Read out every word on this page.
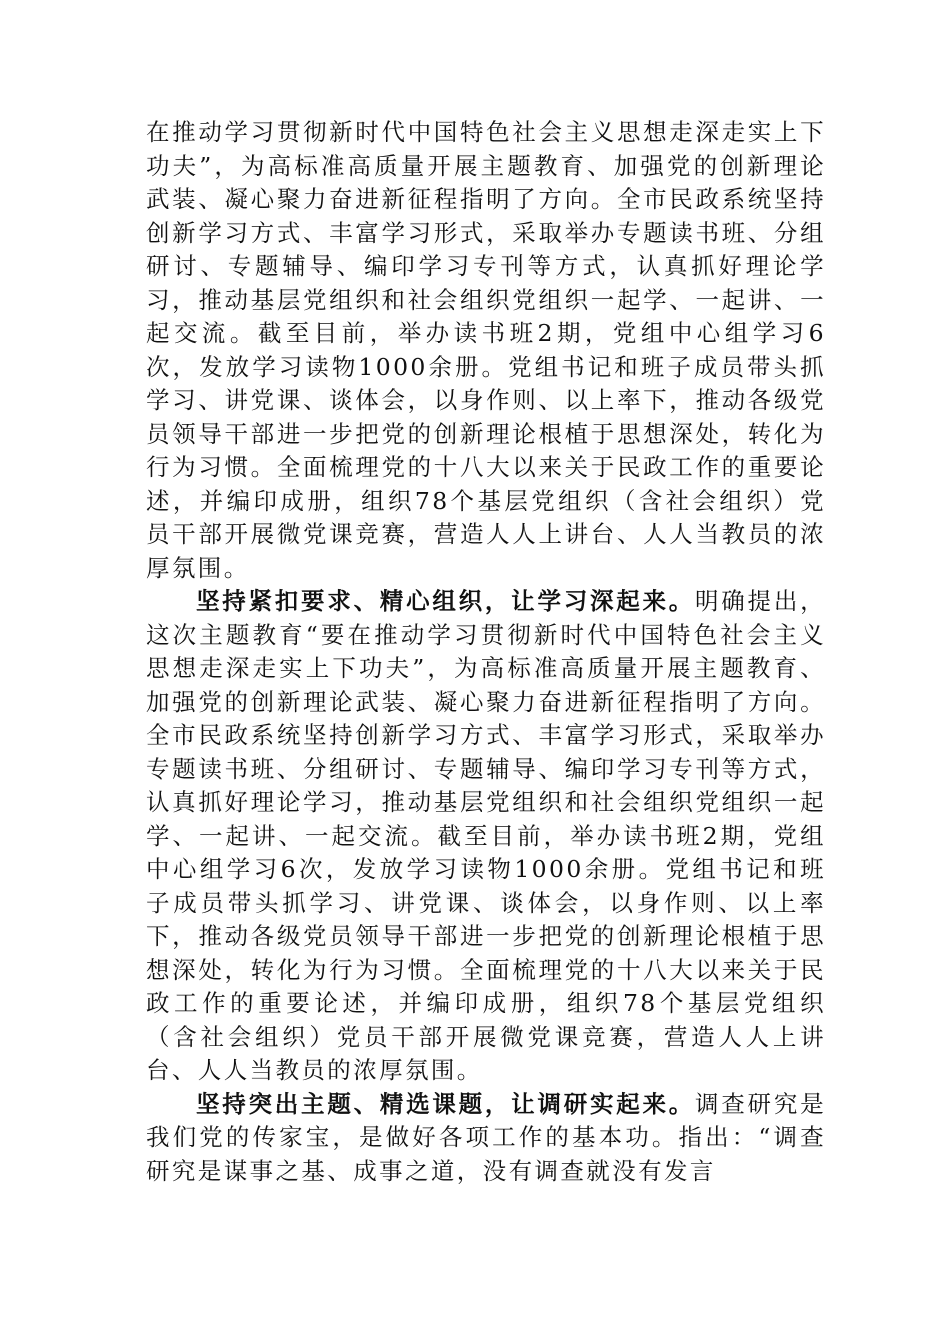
在推动学习贯彻新时代中国特色社会主义思想走深走实上下功夫”，为高标准高质量开展主题教育、加强党的创新理论武装、凝心聚力奋进新征程指明了方向。全市民政系统坚持创新学习方式、丰富学习形式，采取举办专题读书班、分组研讨、专题辅导、编印学习专刊等方式，认真抓好理论学习，推动基层党组织和社会组织党组织一起学、一起讲、一起交流。截至目前，举办读书班2期，党组中心组学习6次，发放学习读物1000余册。党组书记和班子成员带头抓学习、讲党课、谈体会，以身作则、以上率下，推动各级党员领导干部进一步把党的创新理论根植于思想深处，转化为行为习惯。全面梳理党的十八大以来关于民政工作的重要论述，并编印成册，组织78个基层党组织（含社会组织）党员干部开展微党课竞赛，营造人人上讲台、人人当教员的浓厚氛围。

坚持紧扣要求、精心组织，让学习深起来。明确提出，这次主题教育“要在推动学习贯彻新时代中国特色社会主义思想走深走实上下功夫”，为高标准高质量开展主题教育、加强党的创新理论武装、凝心聚力奋进新征程指明了方向。全市民政系统坚持创新学习方式、丰富学习形式，采取举办专题读书班、分组研讨、专题辅导、编印学习专刊等方式，认真抓好理论学习，推动基层党组织和社会组织党组织一起学、一起讲、一起交流。截至目前，举办读书班2期，党组中心组学习6次，发放学习读物1000余册。党组书记和班子成员带头抓学习、讲党课、谈体会，以身作则、以上率下，推动各级党员领导干部进一步把党的创新理论根植于思想深处，转化为行为习惯。全面梳理党的十八大以来关于民政工作的重要论述，并编印成册，组织78个基层党组织（含社会组织）党员干部开展微党课竞赛，营造人人上讲台、人人当教员的浓厚氛围。

坚持突出主题、精选课题，让调研实起来。调查研究是我们党的传家宝，是做好各项工作的基本功。指出：“调查研究是谋事之基、成事之道，没有调查就没有发言
